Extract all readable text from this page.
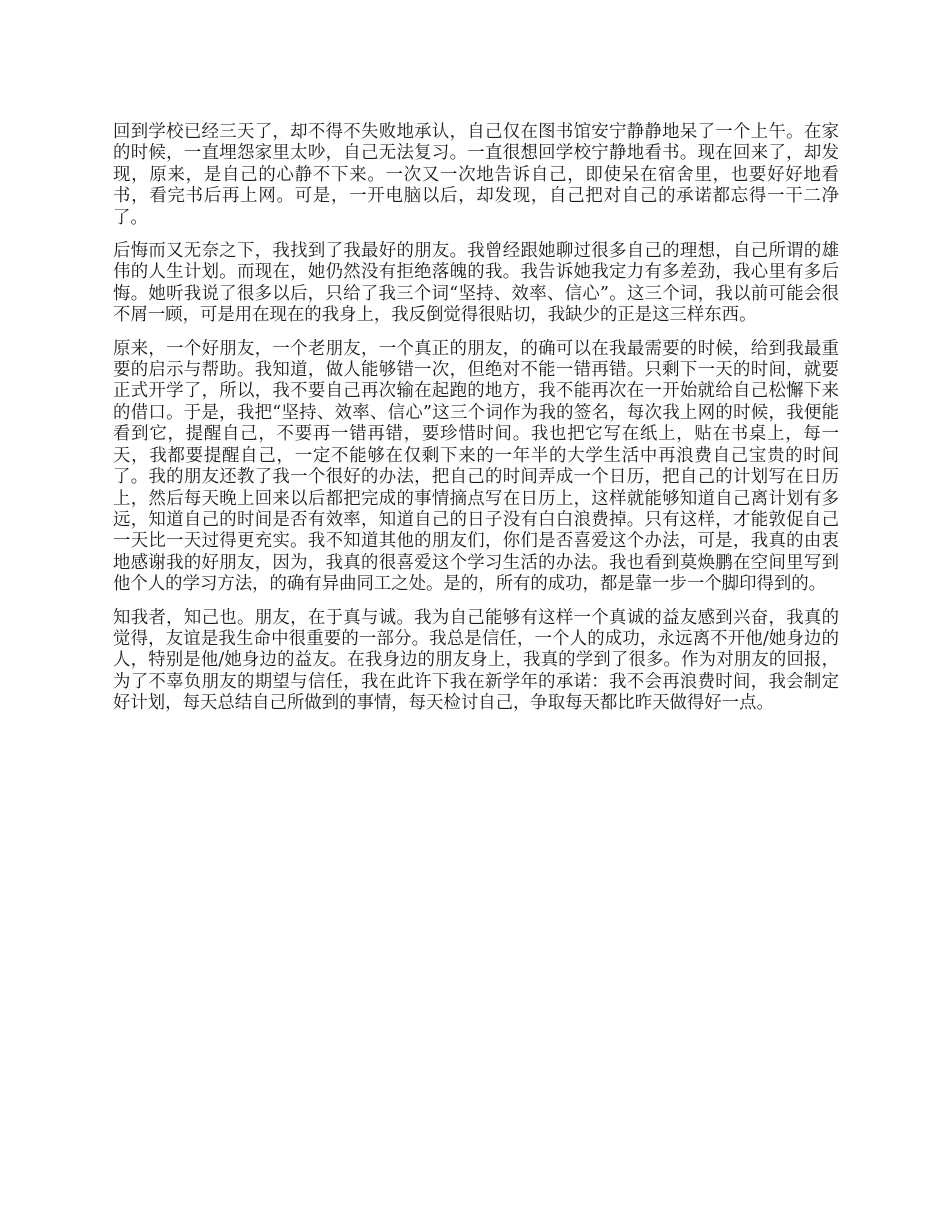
回到学校已经三天了，却不得不失败地承认，自己仅在图书馆安宁静静地呆了一个上午。在家的时候，一直埋怨家里太吵，自己无法复习。一直很想回学校宁静地看书。现在回来了，却发现，原来，是自己的心静不下来。一次又一次地告诉自己，即使呆在宿舍里，也要好好地看书，看完书后再上网。可是，一开电脑以后，却发现，自己把对自己的承诺都忘得一干二净了。

后悔而又无奈之下，我找到了我最好的朋友。我曾经跟她聊过很多自己的理想，自己所谓的雄伟的人生计划。而现在，她仍然没有拒绝落魄的我。我告诉她我定力有多差劲，我心里有多后悔。她听我说了很多以后，只给了我三个词“坚持、效率、信心”。这三个词，我以前可能会很不屑一顾，可是用在现在的我身上，我反倒觉得很贴切，我缺少的正是这三样东西。

原来，一个好朋友，一个老朋友，一个真正的朋友，的确可以在我最需要的时候，给到我最重要的启示与帮助。我知道，做人能够错一次，但绝对不能一错再错。只剩下一天的时间，就要正式开学了，所以，我不要自己再次输在起跑的地方，我不能再次在一开始就给自己松懈下来的借口。于是，我把“坚持、效率、信心”这三个词作为我的签名，每次我上网的时候，我便能看到它，提醒自己，不要再一错再错，要珍惜时间。我也把它写在纸上，贴在书桌上，每一天，我都要提醒自己，一定不能够在仅剩下来的一年半的大学生活中再浪费自己宝贵的时间了。我的朋友还教了我一个很好的办法，把自己的时间弄成一个日历，把自己的计划写在日历上，然后每天晚上回来以后都把完成的事情摘点写在日历上，这样就能够知道自己离计划有多远，知道自己的时间是否有效率，知道自己的日子没有白白浪费掉。只有这样，才能敦促自己一天比一天过得更充实。我不知道其他的朋友们，你们是否喜爱这个办法，可是，我真的由衷地感谢我的好朋友，因为，我真的很喜爱这个学习生活的办法。我也看到莫焕鹏在空间里写到他个人的学习方法，的确有异曲同工之处。是的，所有的成功，都是靠一步一个脚印得到的。

知我者，知己也。朋友，在于真与诚。我为自己能够有这样一个真诚的益友感到兴奋，我真的觉得，友谊是我生命中很重要的一部分。我总是信任，一个人的成功，永远离不开他/她身边的人，特别是他/她身边的益友。在我身边的朋友身上，我真的学到了很多。作为对朋友的回报，为了不辜负朋友的期望与信任，我在此许下我在新学年的承诺：我不会再浪费时间，我会制定好计划，每天总结自己所做到的事情，每天检讨自己，争取每天都比昨天做得好一点。
